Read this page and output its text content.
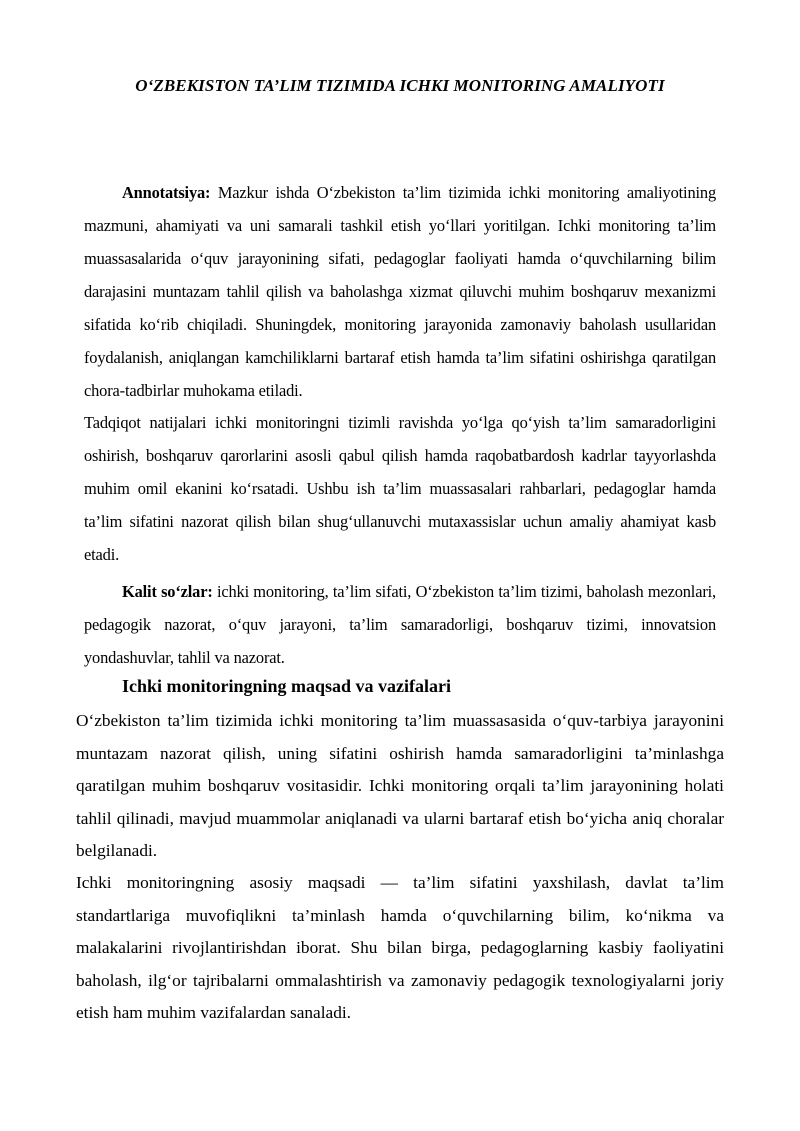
O‘ZBEKISTON TA’LIM TIZIMIDA ICHKI MONITORING AMALIYOTI

Annotatsiya: Mazkur ishda O‘zbekiston ta’lim tizimida ichki monitoring amaliyotining mazmuni, ahamiyati va uni samarali tashkil etish yo‘llari yoritilgan. Ichki monitoring ta’lim muassasalarida o‘quv jarayonining sifati, pedagoglar faoliyati hamda o‘quvchilarning bilim darajasini muntazam tahlil qilish va baholashga xizmat qiluvchi muhim boshqaruv mexanizmi sifatida ko‘rib chiqiladi. Shuningdek, monitoring jarayonida zamonaviy baholash usullaridan foydalanish, aniqlangan kamchiliklarni bartaraf etish hamda ta’lim sifatini oshirishga qaratilgan chora-tadbirlar muhokama etiladi.

Tadqiqot natijalari ichki monitoringni tizimli ravishda yo‘lga qo‘yish ta’lim samaradorligini oshirish, boshqaruv qarorlarini asosli qabul qilish hamda raqobatbardosh kadrlar tayyorlashda muhim omil ekanini ko‘rsatadi. Ushbu ish ta’lim muassasalari rahbarlari, pedagoglar hamda ta’lim sifatini nazorat qilish bilan shug‘ullanuvchi mutaxassislar uchun amaliy ahamiyat kasb etadi.

Kalit so‘zlar: ichki monitoring, ta’lim sifati, O‘zbekiston ta’lim tizimi, baholash mezonlari, pedagogik nazorat, o‘quv jarayoni, ta’lim samaradorligi, boshqaruv tizimi, innovatsion yondashuvlar, tahlil va nazorat.

Ichki monitoringning maqsad va vazifalari

O‘zbekiston ta’lim tizimida ichki monitoring ta’lim muassasasida o‘quv-tarbiya jarayonini muntazam nazorat qilish, uning sifatini oshirish hamda samaradorligini ta’minlashga qaratilgan muhim boshqaruv vositasidir. Ichki monitoring orqali ta’lim jarayonining holati tahlil qilinadi, mavjud muammolar aniqlanadi va ularni bartaraf etish bo‘yicha aniq choralar belgilanadi.

Ichki monitoringning asosiy maqsadi — ta’lim sifatini yaxshilash, davlat ta’lim standartlariga muvofiqlikni ta’minlash hamda o‘quvchilarning bilim, ko‘nikma va malakalarini rivojlantirishdan iborat. Shu bilan birga, pedagoglarning kasbiy faoliyatini baholash, ilg‘or tajribalarni ommalashtirish va zamonaviy pedagogik texnologiyalarni joriy etish ham muhim vazifalardan sanaladi.
